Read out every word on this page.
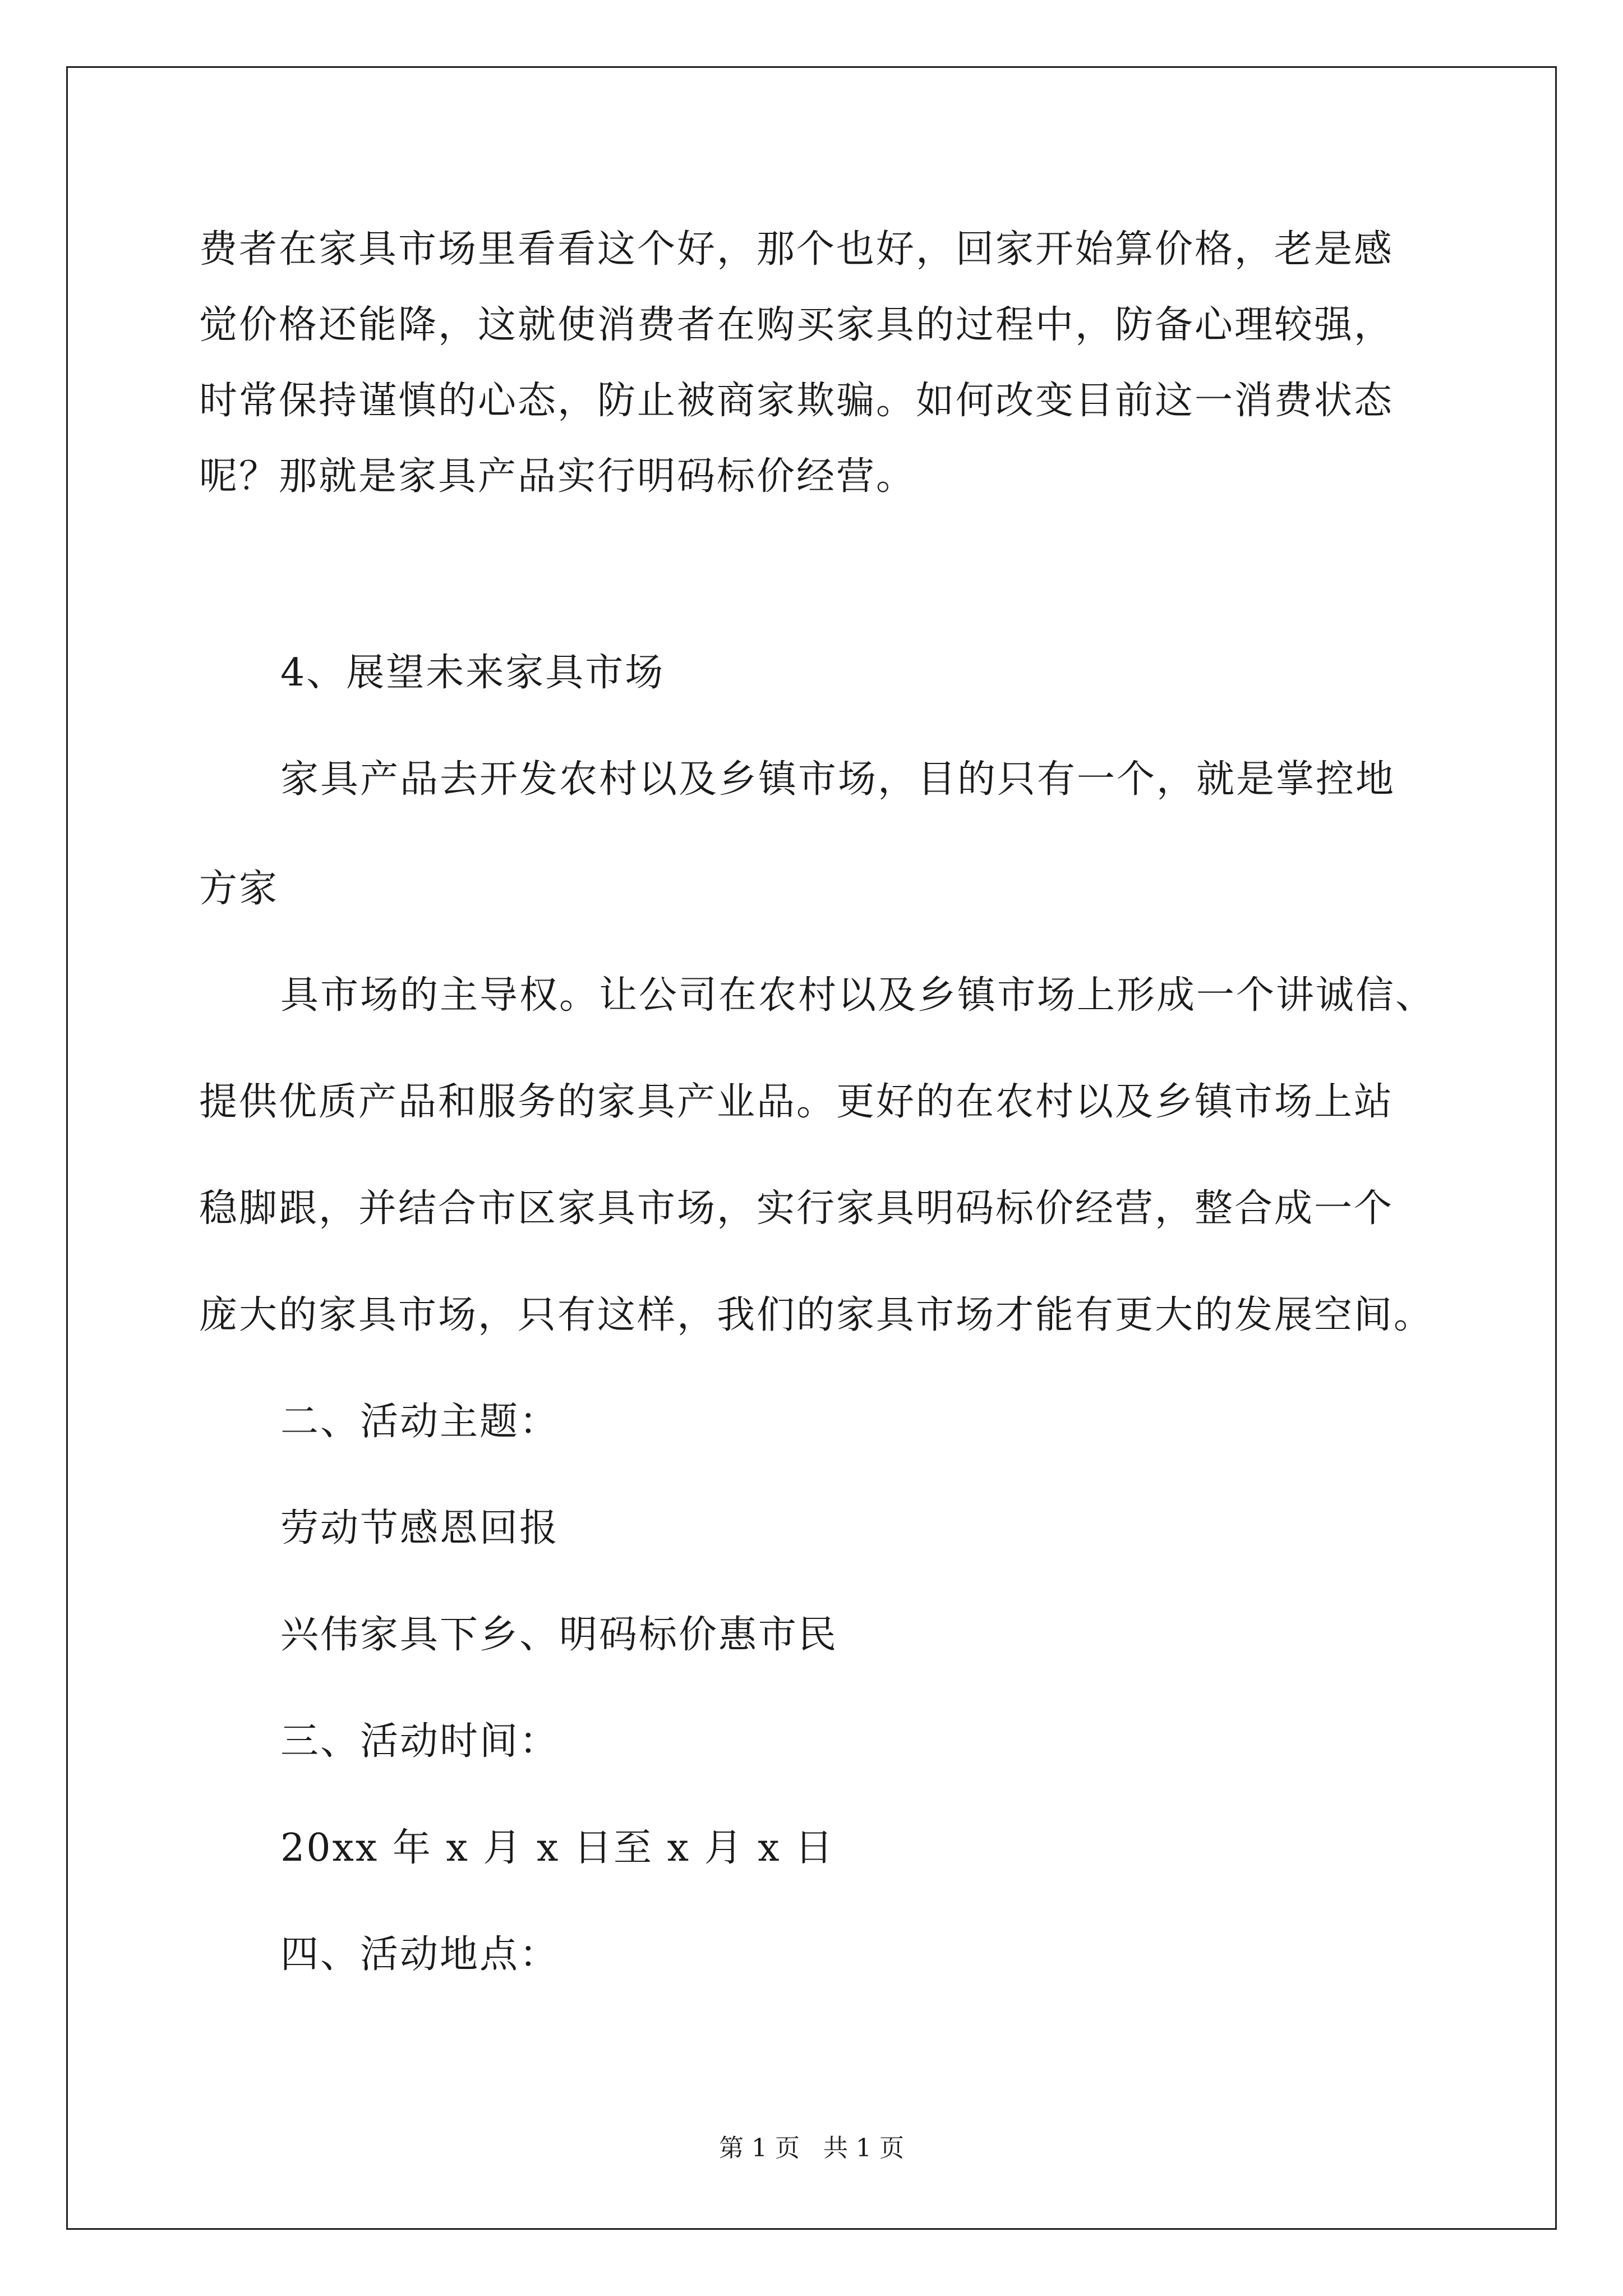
费者在家具市场里看看这个好，那个也好，回家开始算价格，老是感
觉价格还能降，这就使消费者在购买家具的过程中，防备心理较强，
时常保持谨慎的心态，防止被商家欺骗。如何改变目前这一消费状态
呢？那就是家具产品实行明码标价经营。
4、展望未来家具市场
家具产品去开发农村以及乡镇市场，目的只有一个，就是掌控地
方家
具市场的主导权。让公司在农村以及乡镇市场上形成一个讲诚信、
提供优质产品和服务的家具产业品。更好的在农村以及乡镇市场上站
稳脚跟，并结合市区家具市场，实行家具明码标价经营，整合成一个
庞大的家具市场，只有这样，我们的家具市场才能有更大的发展空间。
二、活动主题：
劳动节感恩回报
兴伟家具下乡、明码标价惠市民
三、活动时间：
20xx 年 x 月 x 日至 x 月 x 日
四、活动地点：
第 1 页   共 1 页
